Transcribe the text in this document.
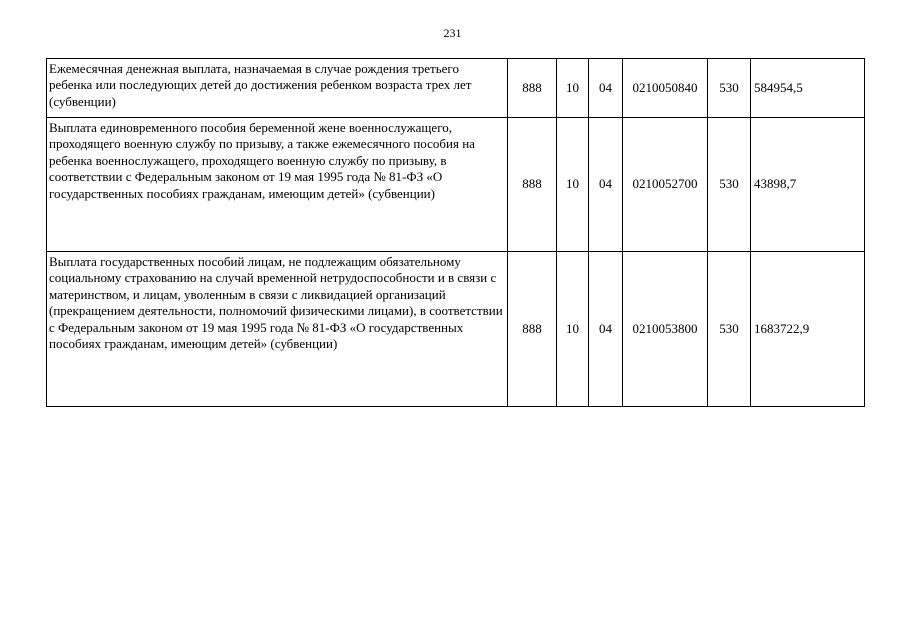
231
Ежемесячная денежная выплата, назначаемая в случае рождения третьего ребенка или последующих детей до достижения ребенком возраста трех лет (субвенции)	888	10	04	0210050840	530	584954,5
Выплата единовременного пособия беременной жене военнослужащего, проходящего военную службу по призыву, а также ежемесячного пособия на ребенка военнослужащего, проходящего военную службу по призыву, в соответствии с Федеральным законом от 19 мая 1995 года № 81-ФЗ «О государственных пособиях гражданам, имеющим детей» (субвенции)	888	10	04	0210052700	530	43898,7
Выплата государственных пособий лицам, не подлежащим обязательному социальному страхованию на случай временной нетрудоспособности и в связи с материнством, и лицам, уволенным в связи с ликвидацией организаций (прекращением деятельности, полномочий физическими лицами), в соответствии с Федеральным законом от 19 мая 1995 года № 81-ФЗ «О государственных пособиях гражданам, имеющим детей» (субвенции)	888	10	04	0210053800	530	1683722,9
